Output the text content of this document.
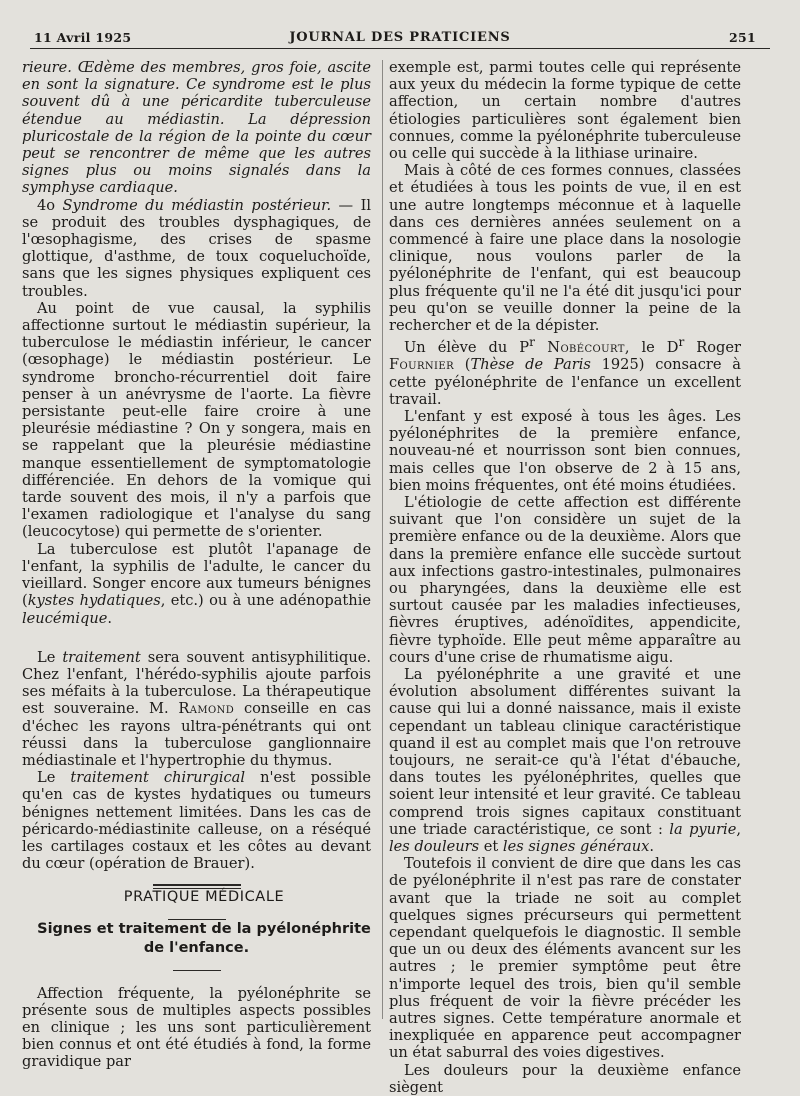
11 Avril 1925	JOURNAL DES PRATICIENS	251

rieure. Œdème des membres, gros foie, ascite en sont la signature. Ce syndrome est le plus souvent dû à une péricardite tuberculeuse étendue au médiastin. La dépression pluricostale de la région de la pointe du cœur peut se rencontrer de même que les autres signes plus ou moins signalés dans la symphyse cardiaque.

4o Syndrome du médiastin postérieur. — Il se produit des troubles dysphagiques, de l'œsophagisme, des crises de spasme glottique, d'asthme, de toux coqueluchoïde, sans que les signes physiques expliquent ces troubles.

Au point de vue causal, la syphilis affectionne surtout le médiastin supérieur, la tuberculose le médiastin inférieur, le cancer (œsophage) le médiastin postérieur. Le syndrome broncho-récurrentiel doit faire penser à un anévrysme de l'aorte. La fièvre persistante peut-elle faire croire à une pleurésie médiastine ? On y songera, mais en se rappelant que la pleurésie médiastine manque essentiellement de symptomatologie différenciée. En dehors de la vomique qui tarde souvent des mois, il n'y a parfois que l'examen radiologique et l'analyse du sang (leucocytose) qui permette de s'orienter.

La tuberculose est plutôt l'apanage de l'enfant, la syphilis de l'adulte, le cancer du vieillard. Songer encore aux tumeurs bénignes (kystes hydatiques, etc.) ou à une adénopathie leucémique.

Le traitement sera souvent antisyphilitique. Chez l'enfant, l'hérédo-syphilis ajoute parfois ses méfaits à la tuberculose. La thérapeutique est souveraine. M. Ramond conseille en cas d'échec les rayons ultra-pénétrants qui ont réussi dans la tuberculose ganglionnaire médiastinale et l'hypertrophie du thymus.

Le traitement chirurgical n'est possible qu'en cas de kystes hydatiques ou tumeurs bénignes nettement limitées. Dans les cas de péricardo-médiastinite calleuse, on a réséqué les cartilages costaux et les côtes au devant du cœur (opération de Brauer).

PRATIQUE MÉDICALE

Signes et traitement de la pyélonéphrite de l'enfance.

Affection fréquente, la pyélonéphrite se présente sous de multiples aspects possibles en clinique ; les uns sont particulièrement bien connus et ont été étudiés à fond, la forme gravidique par

exemple est, parmi toutes celle qui représente aux yeux du médecin la forme typique de cette affection, un certain nombre d'autres étiologies particulières sont également bien connues, comme la pyélonéphrite tuberculeuse ou celle qui succède à la lithiase urinaire.

Mais à côté de ces formes connues, classées et étudiées à tous les points de vue, il en est une autre longtemps méconnue et à laquelle dans ces dernières années seulement on a commencé à faire une place dans la nosologie clinique, nous voulons parler de la pyélonéphrite de l'enfant, qui est beaucoup plus fréquente qu'il ne l'a été dit jusqu'ici pour peu qu'on se veuille donner la peine de la rechercher et de la dépister.

Un élève du $P^r$ Nobécourt, le $D^r$ Roger Fournier (Thèse de Paris 1925) consacre à cette pyélonéphrite de l'enfance un excellent travail.

L'enfant y est exposé à tous les âges. Les pyélonéphrites de la première enfance, nouveau-né et nourrisson sont bien connues, mais celles que l'on observe de 2 à 15 ans, bien moins fréquentes, ont été moins étudiées.

L'étiologie de cette affection est différente suivant que l'on considère un sujet de la première enfance ou de la deuxième. Alors que dans la première enfance elle succède surtout aux infections gastro-intestinales, pulmonaires ou pharyngées, dans la deuxième elle est surtout causée par les maladies infectieuses, fièvres éruptives, adénoïdites, appendicite, fièvre typhoïde. Elle peut même apparaître au cours d'une crise de rhumatisme aigu.

La pyélonéphrite a une gravité et une évolution absolument différentes suivant la cause qui lui a donné naissance, mais il existe cependant un tableau clinique caractéristique quand il est au complet mais que l'on retrouve toujours, ne serait-ce qu'à l'état d'ébauche, dans toutes les pyélonéphrites, quelles que soient leur intensité et leur gravité. Ce tableau comprend trois signes capitaux constituant une triade caractéristique, ce sont : la pyurie, les douleurs et les signes généraux.

Toutefois il convient de dire que dans les cas de pyélonéphrite il n'est pas rare de constater avant que la triade ne soit au complet quelques signes précurseurs qui permettent cependant quelquefois le diagnostic. Il semble que un ou deux des éléments avancent sur les autres ; le premier symptôme peut être n'importe lequel des trois, bien qu'il semble plus fréquent de voir la fièvre précéder les autres signes. Cette température anormale et inexpliquée en apparence peut accompagner un état saburral des voies digestives.

Les douleurs pour la deuxième enfance siègent
